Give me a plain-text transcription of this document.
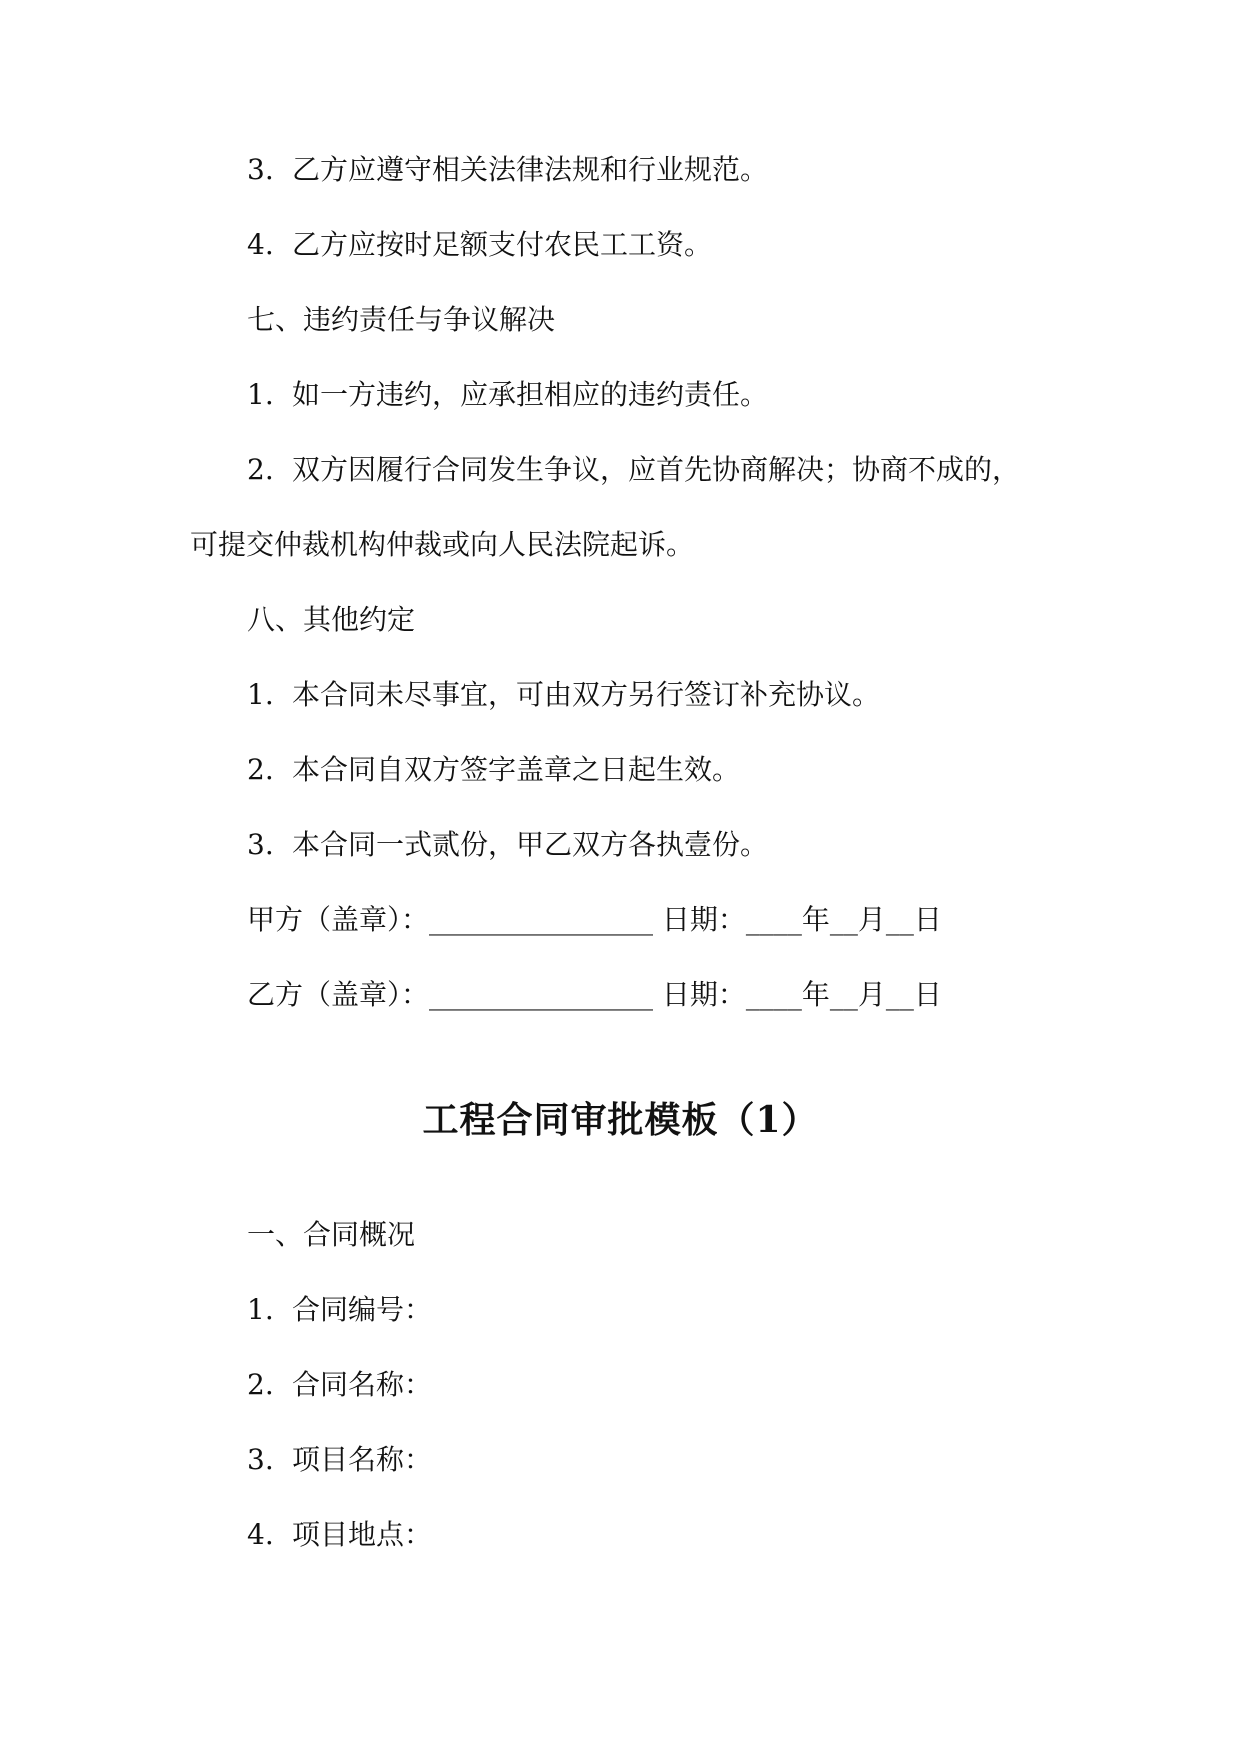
3. 乙方应遵守相关法律法规和行业规范。
4. 乙方应按时足额支付农民工工资。
七、违约责任与争议解决
1. 如一方违约，应承担相应的违约责任。
2. 双方因履行合同发生争议，应首先协商解决；协商不成的，
可提交仲裁机构仲裁或向人民法院起诉。
八、其他约定
1. 本合同未尽事宜，可由双方另行签订补充协议。
2. 本合同自双方签字盖章之日起生效。
3. 本合同一式贰份，甲乙双方各执壹份。
甲方（盖章）：________________ 日期：____年__月__日
乙方（盖章）：________________ 日期：____年__月__日
工程合同审批模板（1）
一、合同概况
1. 合同编号：
2. 合同名称：
3. 项目名称：
4. 项目地点：
